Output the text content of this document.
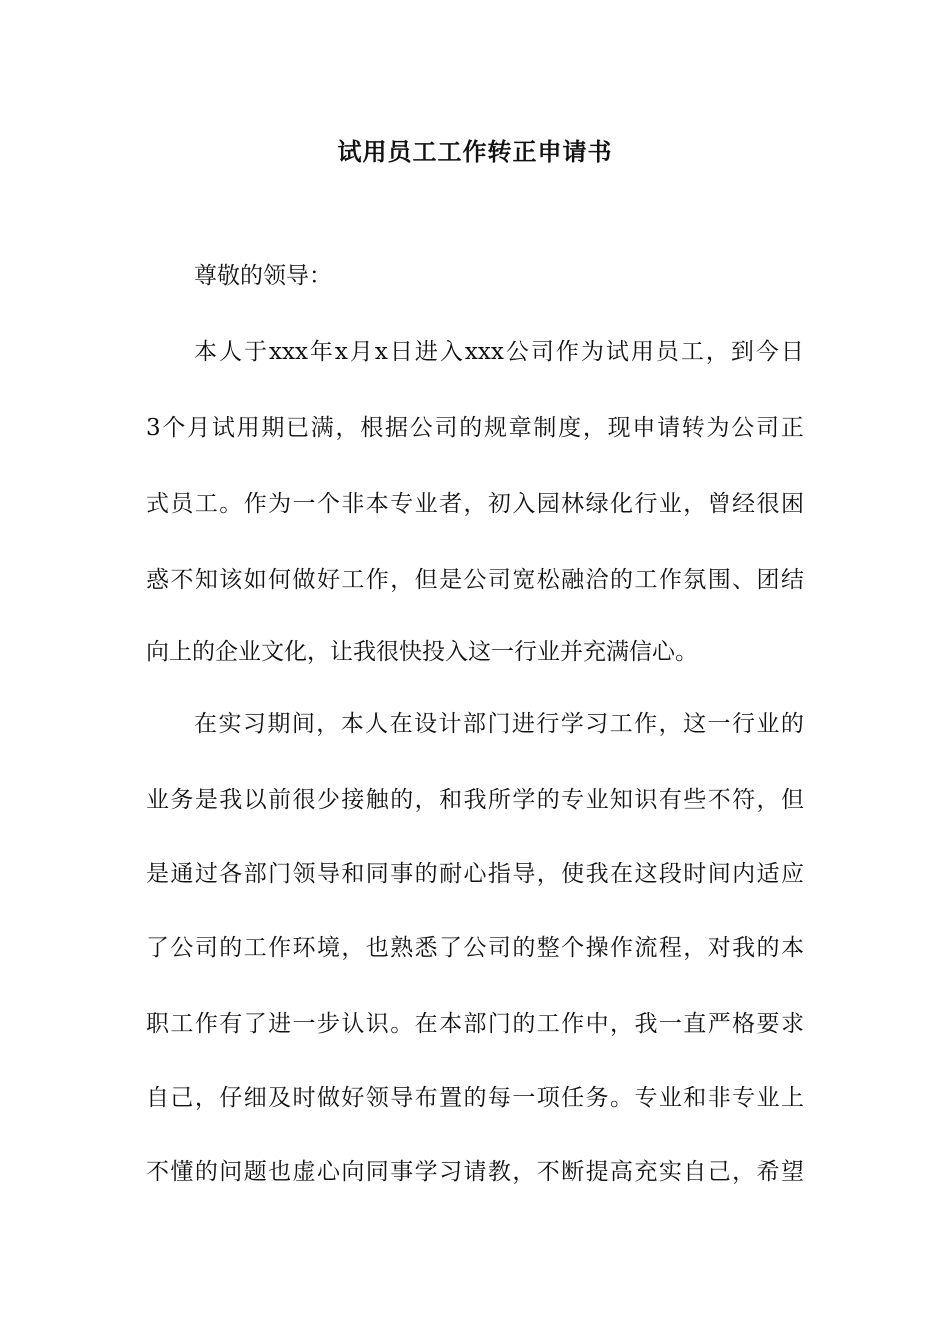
试用员工工作转正申请书
尊敬的领导：
本 人 于 xxx 年 x 月 x 日 进 入 xxx 公 司 作 为 试 用 员 工 ， 到 今 日
3 个 月 试 用 期 已 满 ， 根 据 公 司 的 规 章 制 度 ， 现 申 请 转 为 公 司 正
式 员 工 。 作 为 一 个 非 本 专 业 者 ， 初 入 园 林 绿 化 行 业 ， 曾 经 很 困
惑 不 知 该 如 何 做 好 工 作 ， 但 是 公 司 宽 松 融 洽 的 工 作 氛 围 、 团 结
向上的企业文化，让我很快投入这一行业并充满信心。
在 实 习 期 间 ， 本 人 在 设 计 部 门 进 行 学 习 工 作 ， 这 一 行 业 的
业 务 是 我 以 前 很 少 接 触 的 ， 和 我 所 学 的 专 业 知 识 有 些 不 符 ， 但
是 通 过 各 部 门 领 导 和 同 事 的 耐 心 指 导 ， 使 我 在 这 段 时 间 内 适 应
了 公 司 的 工 作 环 境 ， 也 熟 悉 了 公 司 的 整 个 操 作 流 程 ， 对 我 的 本
职 工 作 有 了 进 一 步 认 识 。 在 本 部 门 的 工 作 中 ， 我 一 直 严 格 要 求
自 己 ， 仔 细 及 时 做 好 领 导 布 置 的 每 一 项 任 务 。 专 业 和 非 专 业 上
不 懂 的 问 题 也 虚 心 向 同 事 学 习 请 教 ， 不 断 提 高 充 实 自 己 ， 希 望
